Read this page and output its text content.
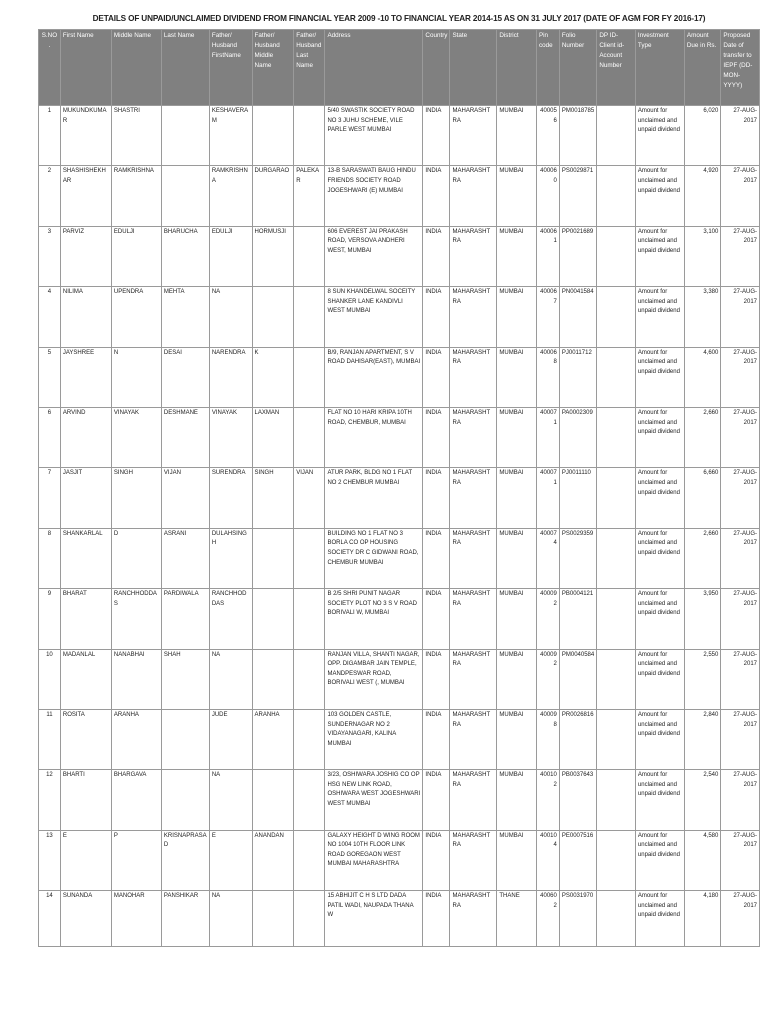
DETAILS OF UNPAID/UNCLAIMED DIVIDEND FROM FINANCIAL YEAR 2009 -10 TO FINANCIAL YEAR 2014-15 AS ON 31 JULY 2017 (DATE OF AGM FOR FY 2016-17)
S.NO.	First Name	Middle Name	Last Name	Father/ Husband FirstName	Father/ Husband Middle Name	Father/ Husband Last Name	Address	Country	State	District	Pin code	Folio Number	DP ID-Client id- Account Number	Investment Type	Amount Due in Rs.	Proposed Date of transfer to IEPF (DD-MON-YYYY)
1	MUKUNDKUMAR	SHASTRI		KESHAVERAM			5/40 SWASTIK SOCIETY ROAD NO 3 JUHU SCHEME, VILE PARLE WEST MUMBAI	INDIA	MAHARASHTRA	MUMBAI	400056	PM0018785		Amount for unclaimed and unpaid dividend	6,020	27-AUG-2017
2	SHASHISHEKHAR	RAMKRISHNA		RAMKRISHNA	DURGARAO	PALEKAR	13-B SARASWATI BAUG HINDU FRIENDS SOCIETY ROAD JOGESHWARI (E) MUMBAI	INDIA	MAHARASHTRA	MUMBAI	400060	PS0029871		Amount for unclaimed and unpaid dividend	4,920	27-AUG-2017
3	PARVIZ	EDULJI	BHARUCHA	EDULJI	HORMUSJI		606 EVEREST JAI PRAKASH ROAD, VERSOVA ANDHERI WEST, MUMBAI	INDIA	MAHARASHTRA	MUMBAI	400061	PP0021689		Amount for unclaimed and unpaid dividend	3,100	27-AUG-2017
4	NILIMA	UPENDRA	MEHTA	NA			8 SUN KHANDELWAL SOCEITY SHANKER LANE KANDIVLI WEST MUMBAI	INDIA	MAHARASHTRA	MUMBAI	400067	PN0041584		Amount for unclaimed and unpaid dividend	3,380	27-AUG-2017
5	JAYSHREE	N	DESAI	NARENDRA	K		B/9, RANJAN APARTMENT, S V ROAD DAHISAR(EAST), MUMBAI	INDIA	MAHARASHTRA	MUMBAI	400068	PJ0011712		Amount for unclaimed and unpaid dividend	4,600	27-AUG-2017
6	ARVIND	VINAYAK	DESHMANE	VINAYAK	LAXMAN		FLAT NO 10 HARI KRIPA 10TH ROAD, CHEMBUR, MUMBAI	INDIA	MAHARASHTRA	MUMBAI	400071	PA0002309		Amount for unclaimed and unpaid dividend	2,660	27-AUG-2017
7	JASJIT	SINGH	VIJAN	SURENDRA	SINGH	VIJAN	ATUR PARK, BLDG NO 1 FLAT NO 2 CHEMBUR MUMBAI	INDIA	MAHARASHTRA	MUMBAI	400071	PJ0011110		Amount for unclaimed and unpaid dividend	6,660	27-AUG-2017
8	SHANKARLAL	D	ASRANI	DULAHSINGH			BUILDING NO 1 FLAT NO 3 BORLA CO OP HOUSING SOCIETY DR C GIDWANI ROAD, CHEMBUR MUMBAI	INDIA	MAHARASHTRA	MUMBAI	400074	PS0029359		Amount for unclaimed and unpaid dividend	2,660	27-AUG-2017
9	BHARAT	RANCHHODDAS	PARDIWALA	RANCHHODDAS			B 2/5 SHRI PUNIT NAGAR SOCIETY PLOT NO 3 S V ROAD BORIVALI W, MUMBAI	INDIA	MAHARASHTRA	MUMBAI	400092	PB0004121		Amount for unclaimed and unpaid dividend	3,950	27-AUG-2017
10	MADANLAL	NANABHAI	SHAH	NA			RANJAN VILLA, SHANTI NAGAR, OPP. DIGAMBAR JAIN TEMPLE, MANDPESWAR ROAD, BORIVALI WEST (, MUMBAI	INDIA	MAHARASHTRA	MUMBAI	400092	PM0040584		Amount for unclaimed and unpaid dividend	2,550	27-AUG-2017
11	ROSITA	ARANHA		JUDE	ARANHA		103 GOLDEN CASTLE, SUNDERNAGAR NO 2 VIDAYANAGARI, KALINA MUMBAI	INDIA	MAHARASHTRA	MUMBAI	400098	PR0026816		Amount for unclaimed and unpaid dividend	2,840	27-AUG-2017
12	BHARTI	BHARGAVA		NA			3/23, OSHIWARA JOSHIG CO OP HSG NEW LINK ROAD, OSHIWARA WEST JOGESHWARI WEST MUMBAI	INDIA	MAHARASHTRA	MUMBAI	400102	PB0037643		Amount for unclaimed and unpaid dividend	2,540	27-AUG-2017
13	E	P	KRISNAPRASAD	E	ANANDAN		GALAXY HEIGHT D WING ROOM NO 1004 10TH FLOOR LINK ROAD GOREGAON WEST MUMBAI MAHARASHTRA	INDIA	MAHARASHTRA	MUMBAI	400104	PE0007516		Amount for unclaimed and unpaid dividend	4,580	27-AUG-2017
14	SUNANDA	MANOHAR	PANSHIKAR	NA			15 ABHIJIT C H S LTD DADA PATIL WADI, NAUPADA THANA W	INDIA	MAHARASHTRA	THANE	400602	PS0031970		Amount for unclaimed and unpaid dividend	4,180	27-AUG-2017
